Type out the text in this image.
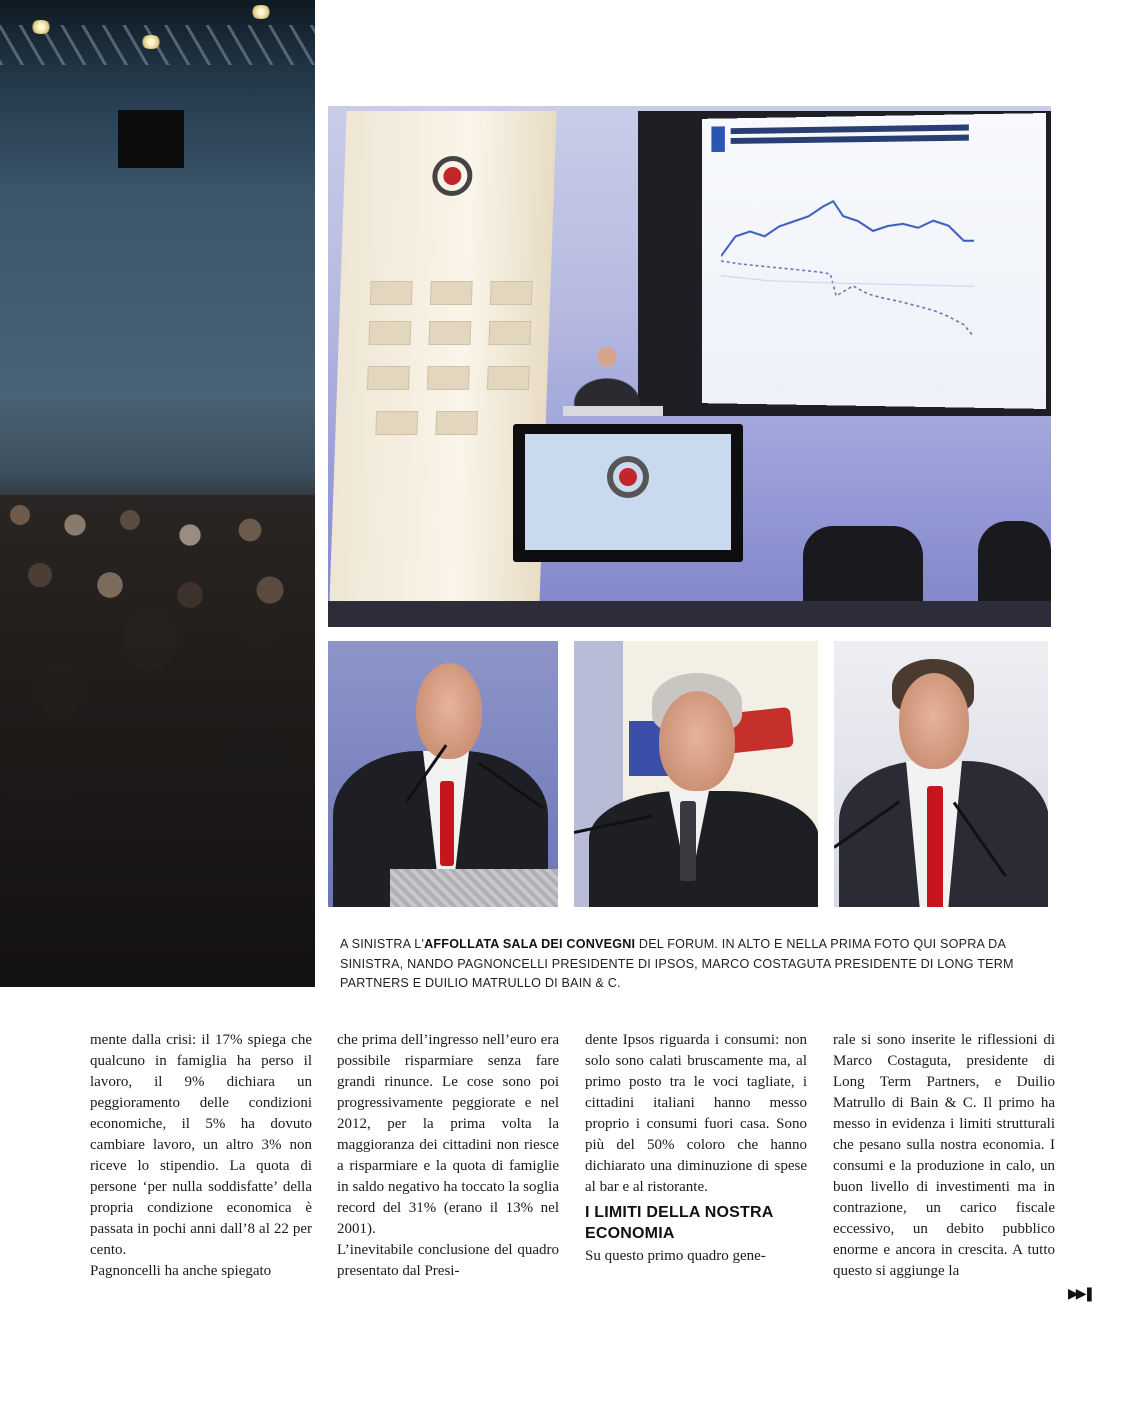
A SINISTRA L'AFFOLLATA SALA DEI CONVEGNI DEL FORUM. IN ALTO E NELLA PRIMA FOTO QUI SOPRA DA SINISTRA, NANDO PAGNONCELLI PRESIDENTE DI IPSOS, MARCO COSTAGUTA PRESIDENTE DI LONG TERM PARTNERS E DUILIO MATRULLO DI BAIN & C.

mente dalla crisi: il 17% spiega che qualcuno in famiglia ha perso il lavoro, il 9% dichiara un peggioramento delle condizioni economiche, il 5% ha dovuto cambiare lavoro, un altro 3% non riceve lo stipendio. La quota di persone ‘per nulla soddisfatte’ della propria condizione economica è passata in pochi anni dall’8 al 22 per cento.

Pagnoncelli ha anche spiegato

che prima dell’ingresso nell’euro era possibile risparmiare senza fare grandi rinunce. Le cose sono poi progressivamente peggiorate e nel 2012, per la prima volta la maggioranza dei cittadini non riesce a risparmiare e la quota di famiglie in saldo negativo ha toccato la soglia record del 31% (erano il 13% nel 2001).

L’inevitabile conclusione del quadro presentato dal Presi-

dente Ipsos riguarda i consumi: non solo sono calati bruscamente ma, al primo posto tra le voci tagliate, i cittadini italiani hanno messo proprio i consumi fuori casa. Sono più del 50% coloro che hanno dichiarato una diminuzione di spese al bar e al ristorante.

I LIMITI DELLA NOSTRA ECONOMIA

Su questo primo quadro gene-

rale si sono inserite le riflessioni di Marco Costaguta, presidente di Long Term Partners, e Duilio Matrullo di Bain & C. Il primo ha messo in evidenza i limiti strutturali che pesano sulla nostra economia. I consumi e la produzione in calo, un buon livello di investimenti ma in contrazione, un carico fiscale eccessivo, un debito pubblico enorme e ancora in crescita. A tutto questo si aggiunge la

▶▶❚
